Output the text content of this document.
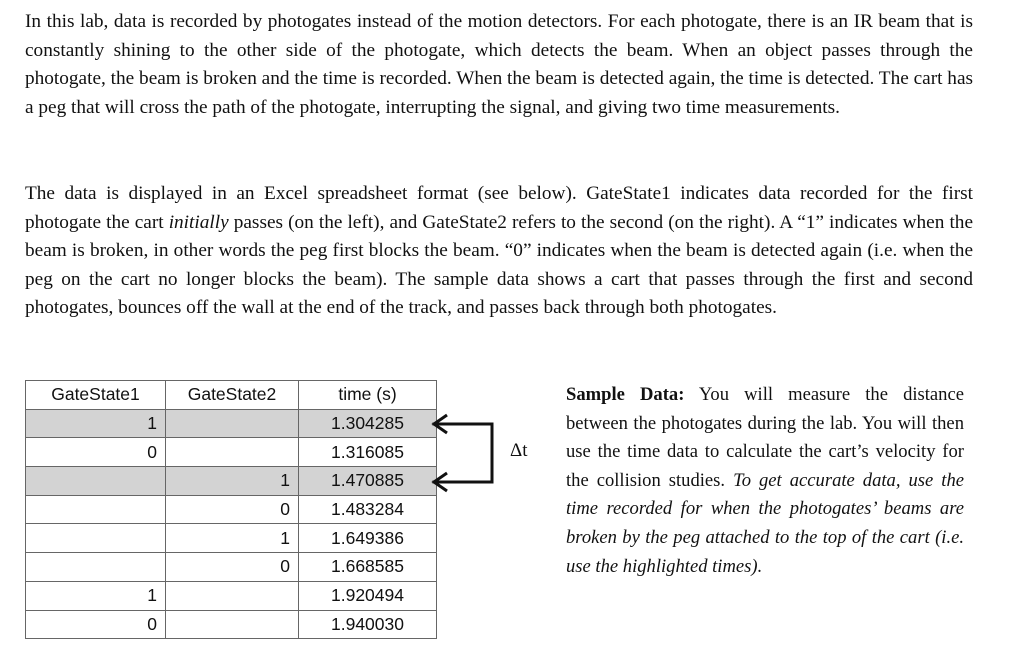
In this lab, data is recorded by photogates instead of the motion detectors. For each photogate, there is an IR beam that is constantly shining to the other side of the photogate, which detects the beam. When an object passes through the photogate, the beam is broken and the time is recorded. When the beam is detected again, the time is detected. The cart has a peg that will cross the path of the photogate, interrupting the signal, and giving two time measurements.

The data is displayed in an Excel spreadsheet format (see below). GateState1 indicates data recorded for the first photogate the cart initially passes (on the left), and GateState2 refers to the second (on the right). A “1” indicates when the beam is broken, in other words the peg first blocks the beam. “0” indicates when the beam is detected again (i.e. when the peg on the cart no longer blocks the beam). The sample data shows a cart that passes through the first and second photogates, bounces off the wall at the end of the track, and passes back through both photogates.

GateState1	GateState2	time (s)
1		1.304285
0		1.316085
	1	1.470885
	0	1.483284
	1	1.649386
	0	1.668585
1		1.920494
0		1.940030
Δt

Sample Data: You will measure the distance between the photogates during the lab. You will then use the time data to calculate the cart’s velocity for the collision studies. To get accurate data, use the time recorded for when the photogates’ beams are broken by the peg attached to the top of the cart (i.e. use the highlighted times).
